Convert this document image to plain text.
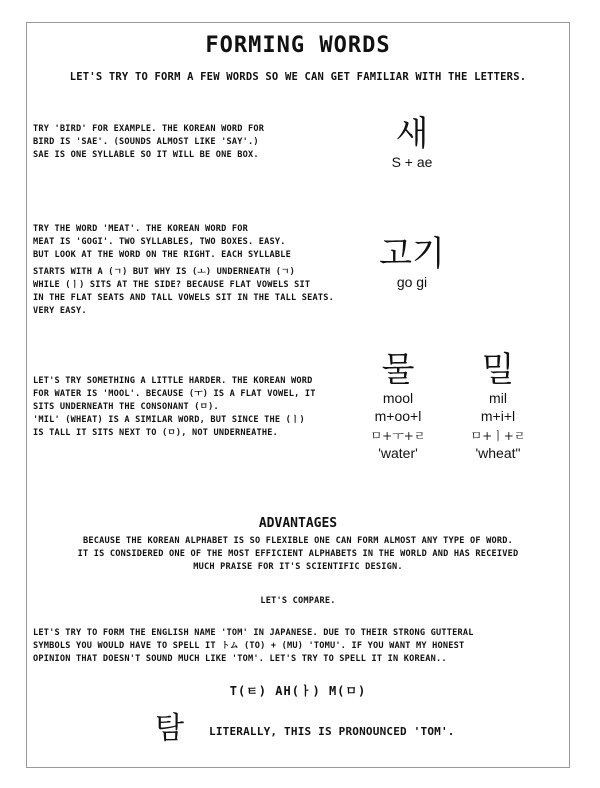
FORMING WORDS
LET'S TRY TO FORM A FEW WORDS SO WE CAN GET FAMILIAR WITH THE LETTERS.
TRY 'BIRD' FOR EXAMPLE. THE KOREAN WORD FOR
BIRD IS 'SAE'. (SOUNDS ALMOST LIKE 'SAY'.)
SAE IS ONE SYLLABLE SO IT WILL BE ONE BOX.
새
S + ae
TRY THE WORD 'MEAT'. THE KOREAN WORD FOR
MEAT IS 'GOGI'. TWO SYLLABLES, TWO BOXES. EASY.
BUT LOOK AT THE WORD ON THE RIGHT. EACH SYLLABLE
STARTS WITH A (ㄱ) BUT WHY IS (ㅗ) UNDERNEATH (ㄱ)
WHILE (ㅣ) SITS AT THE SIDE? BECAUSE FLAT VOWELS SIT
IN THE FLAT SEATS AND TALL VOWELS SIT IN THE TALL SEATS.
VERY EASY.
고기
go gi
LET'S TRY SOMETHING A LITTLE HARDER. THE KOREAN WORD
FOR WATER IS 'MOOL'. BECAUSE (ㅜ) IS A FLAT VOWEL, IT
SITS UNDERNEATH THE CONSONANT (ㅁ).
'MIL' (WHEAT) IS A SIMILAR WORD, BUT SINCE THE (ㅣ)
IS TALL IT SITS NEXT TO (ㅁ), NOT UNDERNEATHE.
물
mool
m+oo+l
ㅁ+ㅜ+ㄹ
'water'
밀
mil
m+i+l
ㅁ+ㅣ+ㄹ
'wheat"
ADVANTAGES
BECAUSE THE KOREAN ALPHABET IS SO FLEXIBLE ONE CAN FORM ALMOST ANY TYPE OF WORD.
IT IS CONSIDERED ONE OF THE MOST EFFICIENT ALPHABETS IN THE WORLD AND HAS RECEIVED
MUCH PRAISE FOR IT'S SCIENTIFIC DESIGN.
LET'S COMPARE.
LET'S TRY TO FORM THE ENGLISH NAME 'TOM' IN JAPANESE. DUE TO THEIR STRONG GUTTERAL
SYMBOLS YOU WOULD HAVE TO SPELL IT トム (TO) + (MU) 'TOMU'. IF YOU WANT MY HONEST
OPINION THAT DOESN'T SOUND MUCH LIKE 'TOM'. LET'S TRY TO SPELL IT IN KOREAN..
T(ㅌ) AH(ㅏ) M(ㅁ)
탐 LITERALLY, THIS IS PRONOUNCED 'TOM'.
